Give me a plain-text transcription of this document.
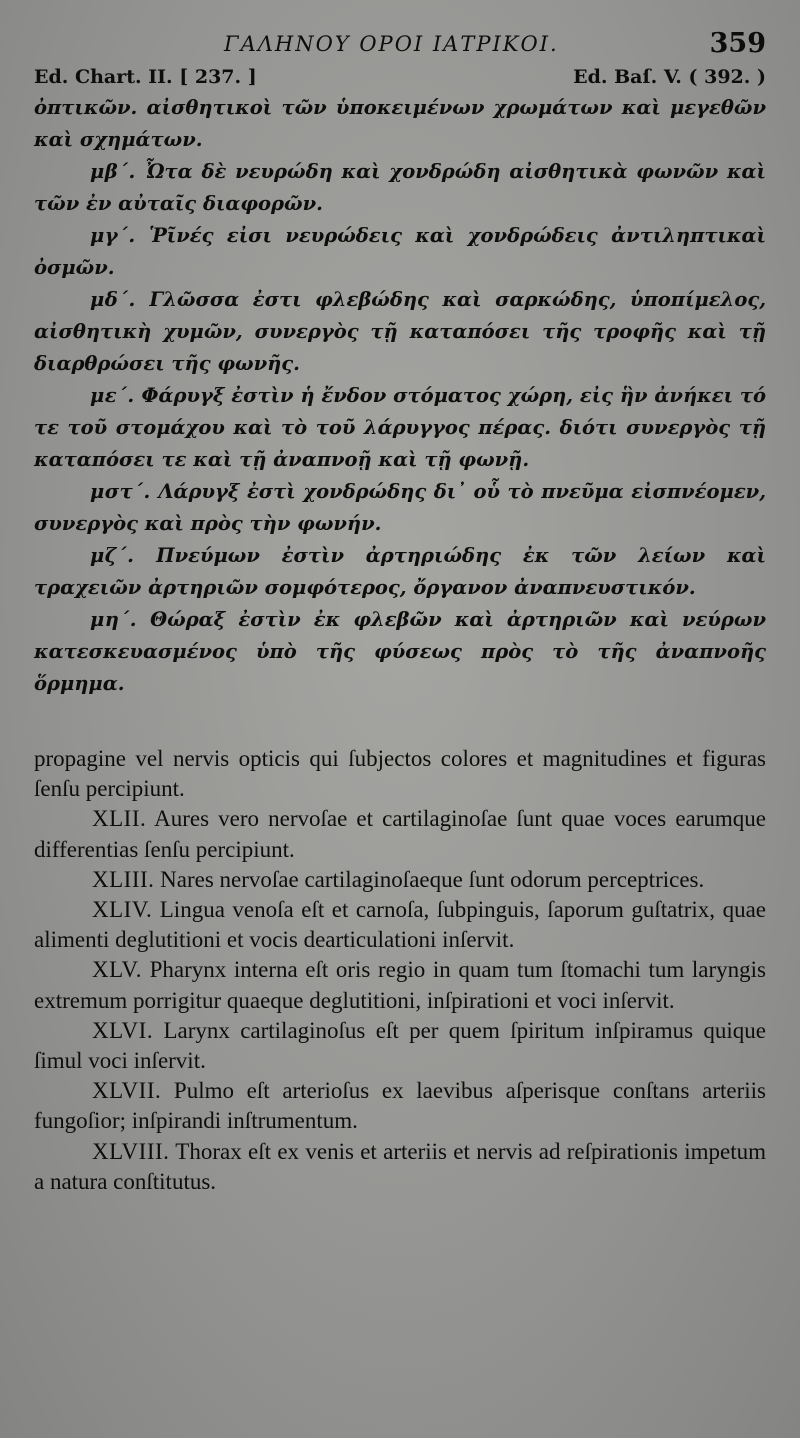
ΓΑΛΗΝΟΥ ΟΡΟΙ ΙΑΤΡΙΚΟΙ.	359
Ed. Chart. II. [ 237. ]	Ed. Baſ. V. ( 392. )

ὀπτικῶν. αἰσθητικοὶ τῶν ὑποκειμένων χρωμάτων καὶ μεγεθῶν καὶ σχημάτων.

μβ΄. Ὦτα δὲ νευρώδη καὶ χονδρώδη αἰσθητικὰ φωνῶν καὶ τῶν ἐν αὐταῖς διαφορῶν.

μγ΄. Ῥῖνές εἰσι νευρώδεις καὶ χονδρώδεις ἀντιληπτικαὶ ὀσμῶν.

μδ΄. Γλῶσσα ἐστι φλεβώδης καὶ σαρκώδης, ὑποπίμελος, αἰσθητικὴ χυμῶν, συνεργὸς τῇ καταπόσει τῆς τροφῆς καὶ τῇ διαρθρώσει τῆς φωνῆς.

με΄. Φάρυγξ ἐστὶν ἡ ἔνδον στόματος χώρη, εἰς ἣν ἀνήκει τό τε τοῦ στομάχου καὶ τὸ τοῦ λάρυγγος πέρας. διότι συνεργὸς τῇ καταπόσει τε καὶ τῇ ἀναπνοῇ καὶ τῇ φωνῇ.

μστ΄. Λάρυγξ ἐστὶ χονδρώδης δι᾽ οὗ τὸ πνεῦμα εἰσπνέομεν, συνεργὸς καὶ πρὸς τὴν φωνήν.

μζ΄. Πνεύμων ἐστὶν ἀρτηριώδης ἐκ τῶν λείων καὶ τραχειῶν ἀρτηριῶν σομφότερος, ὄργανον ἀναπνευστικόν.

μη΄. Θώραξ ἐστὶν ἐκ φλεβῶν καὶ ἀρτηριῶν καὶ νεύρων κατεσκευασμένος ὑπὸ τῆς φύσεως πρὸς τὸ τῆς ἀναπνοῆς ὅρμημα.

propagine vel nervis opticis qui ſubjectos colores et magnitudines et figuras ſenſu percipiunt.

XLII. Aures vero nervoſae et cartilaginoſae ſunt quae voces earumque differentias ſenſu percipiunt.

XLIII. Nares nervoſae cartilaginoſaeque ſunt odorum perceptrices.

XLIV. Lingua venoſa eſt et carnoſa, ſubpinguis, ſaporum guſtatrix, quae alimenti deglutitioni et vocis dearticulationi inſervit.

XLV. Pharynx interna eſt oris regio in quam tum ſtomachi tum laryngis extremum porrigitur quaeque deglutitioni, inſpirationi et voci inſervit.

XLVI. Larynx cartilaginoſus eſt per quem ſpiritum inſpiramus quique ſimul voci inſervit.

XLVII. Pulmo eſt arterioſus ex laevibus aſperisque conſtans arteriis fungoſior; inſpirandi inſtrumentum.

XLVIII. Thorax eſt ex venis et arteriis et nervis ad reſpirationis impetum a natura conſtitutus.
